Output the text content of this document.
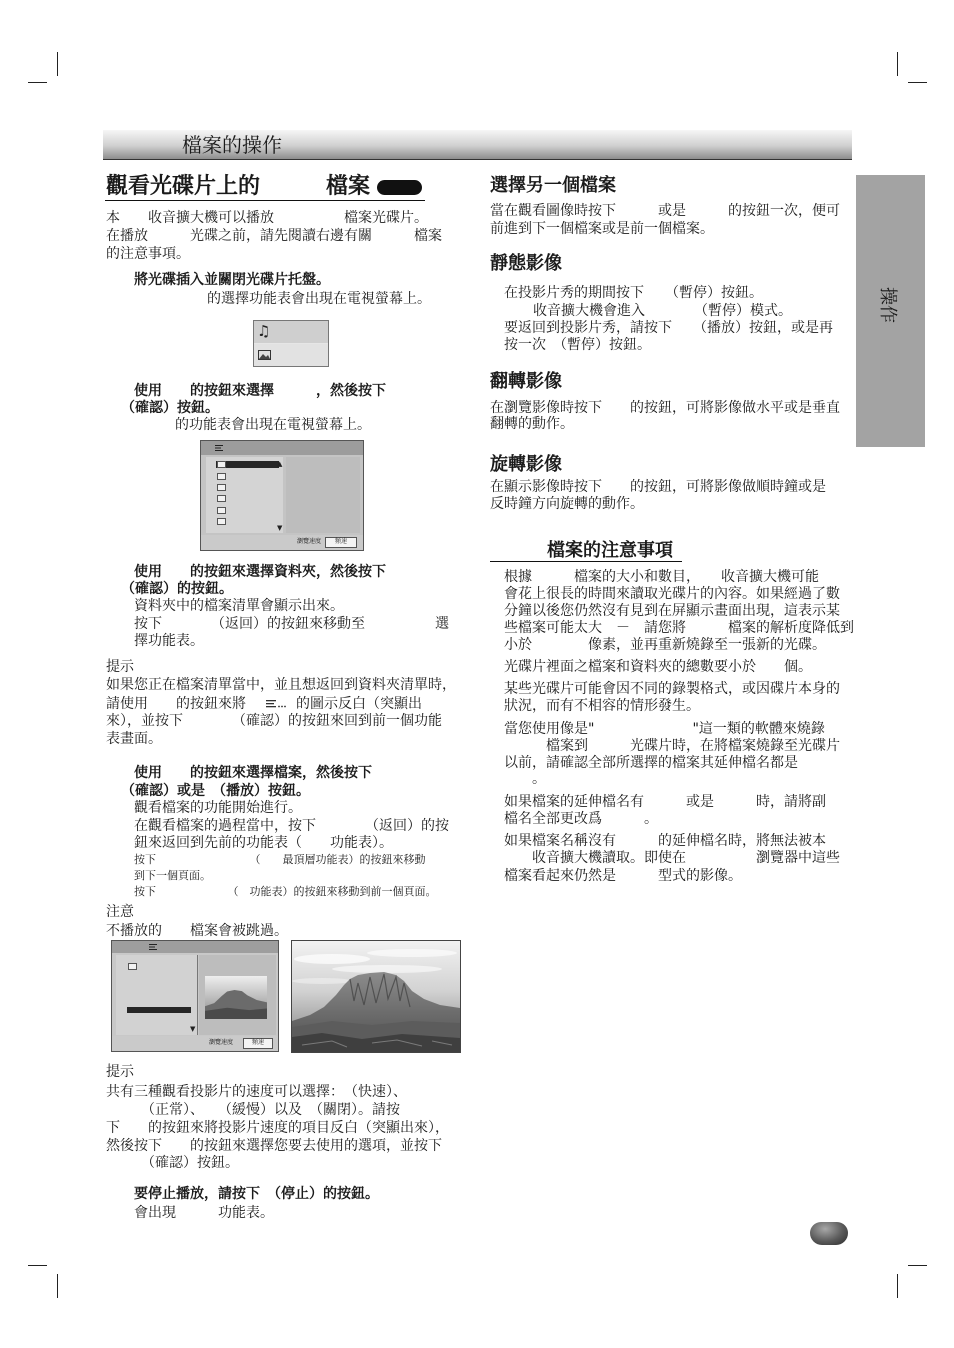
檔案的操作
操作
觀看光碟片上的　　　檔案
本　　收音擴大機可以播放　　　　　檔案光碟片。
在播放　　　光碟之前，請先閱讀右邊有關　　　檔案
的注意事項。
將光碟插入並關閉光碟片托盤。
的選擇功能表會出現在電視螢幕上。
♫
使用　　的按鈕來選擇　　　，然後按下
（確認）按鈕。
的功能表會出現在電視螢幕上。
▲
▼
瀏覽速度	頻速
使用　　的按鈕來選擇資料夾，然後按下
（確認）的按鈕。
資料夾中的檔案清單會顯示出來。
按下　　　　（返回）的按鈕來移動至　　　　　選
擇功能表。
提示
如果您正在檔案清單當中，並且想返回到資料夾清單時，
請使用　　的按鈕來將	的圖示反白（突顯出
來），並按下　　　　（確認）的按鈕來回到前一個功能
表畫面。
使用　　的按鈕來選擇檔案，然後按下
（確認）或是　（播放）按鈕。
觀看檔案的功能開始進行。
在觀看檔案的過程當中，按下　　　　（返回）的按
鈕來返回到先前的功能表（　　功能表）。
按下　　　　　　　　　（　　最頂層功能表）的按鈕來移動
到下一個頁面。
按下　　　　　　　（　功能表）的按鈕來移動到前一個頁面。
注意
不播放的　　檔案會被跳過。
▼
瀏覽速度	頻速
提示
共有三種觀看投影片的速度可以選擇：　（快速）、
　　　（正常）、　　（緩慢）以及　（關閉）。請按
下　　的按鈕來將投影片速度的項目反白（突顯出來），
然後按下　　的按鈕來選擇您要去使用的選項，並按下
　　　（確認）按鈕。
要停止播放，請按下　（停止）的按鈕。
會出現　　　功能表。
選擇另一個檔案
當在觀看圖像時按下　　　或是　　　的按鈕一次，便可
前進到下一個檔案或是前一個檔案。
靜態影像
在投影片秀的期間按下　　（暫停）按鈕。
收音擴大機會進入　　　　（暫停）模式。
要返回到投影片秀，請按下　　（播放）按鈕，或是再
按一次　（暫停）按鈕。
翻轉影像
在瀏覽影像時按下　　的按鈕，可將影像做水平或是垂直
翻轉的動作。
旋轉影像
在顯示影像時按下　　的按鈕，可將影像做順時鐘或是
反時鐘方向旋轉的動作。
檔案的注意事項
根據　　　檔案的大小和數目，　　收音擴大機可能
會花上很長的時間來讀取光碟片的內容。如果經過了數
分鐘以後您仍然沒有見到在屏顯示畫面出現，這表示某
些檔案可能太大　－　請您將　　　檔案的解析度降低到
小於　　　　像素，並再重新燒錄至一張新的光碟。
光碟片裡面之檔案和資料夾的總數要小於　　個。
某些光碟片可能會因不同的錄製格式，或因碟片本身的
狀況，而有不相容的情形發生。
當您使用像是"　　　　　　　"這一類的軟體來燒錄
　　　檔案到　　　光碟片時，在將檔案燒錄至光碟片
以前，請確認全部所選擇的檔案其延伸檔名都是
　　。
如果檔案的延伸檔名有　　　或是　　　時，請將副
檔名全部更改爲　　　。
如果檔案名稱沒有　　　的延伸檔名時，將無法被本
　　收音擴大機讀取。即使在　　　　　瀏覽器中這些
檔案看起來仍然是　　　型式的影像。
